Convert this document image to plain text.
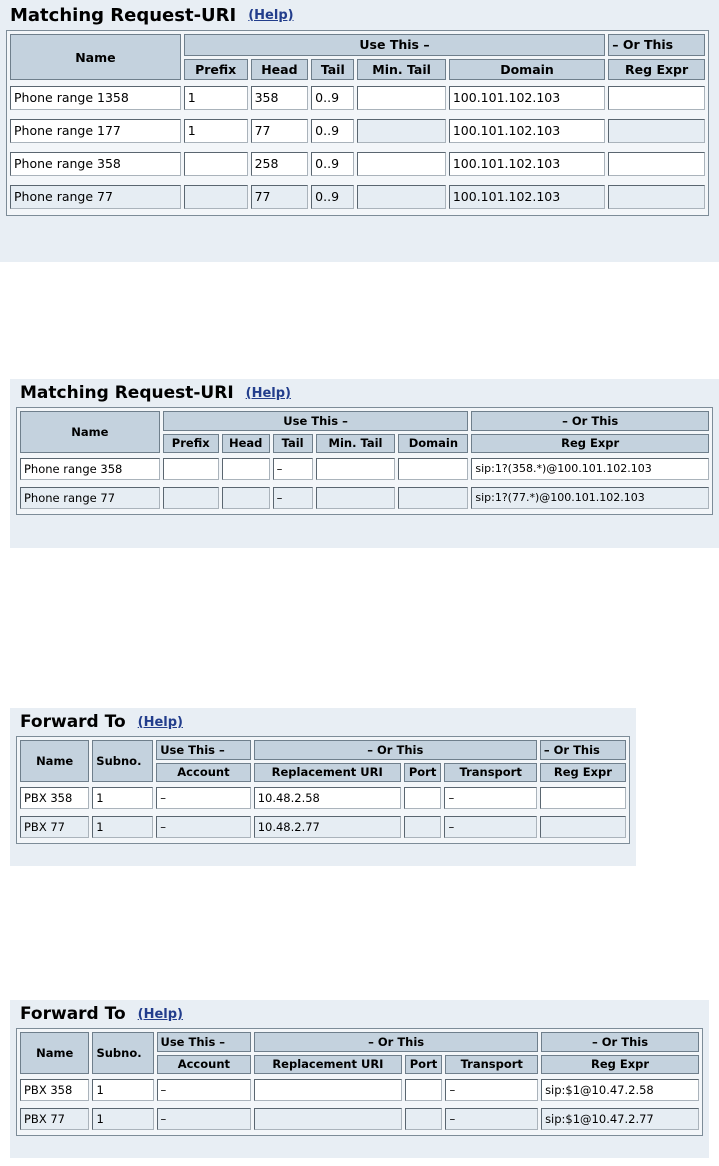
Matching Request-URI (Help)
Name	Use This –					– Or This
	Prefix	Head	Tail	Min. Tail	Domain	Reg Expr

Phone range 1358	1	358	0..9		100.101.102.103	

Phone range 177	1	77	0..9		100.101.102.103	

Phone range 358		258	0..9		100.101.102.103	

Phone range 77		77	0..9		100.101.102.103	

Matching Request-URI (Help)
Name	Use This –					– Or This
	Prefix	Head	Tail	Min. Tail	Domain	Reg Expr

Phone range 358			–			sip:1?(358.*)@100.101.102.103

Phone range 77			–			sip:1?(77.*)@100.101.102.103
Forward To (Help)
Name	Subno.	Use This –	– Or This			– Or This
		Account	Replacement URI	Port	Transport	Reg Expr

PBX 358	1	–	10.48.2.58		–	

PBX 77	1	–	10.48.2.77		–	

Forward To (Help)
Name	Subno.	Use This –	– Or This			– Or This
		Account	Replacement URI	Port	Transport	Reg Expr

PBX 358	1	–			–	sip:$1@10.47.2.58

PBX 77	1	–			–	sip:$1@10.47.2.77
